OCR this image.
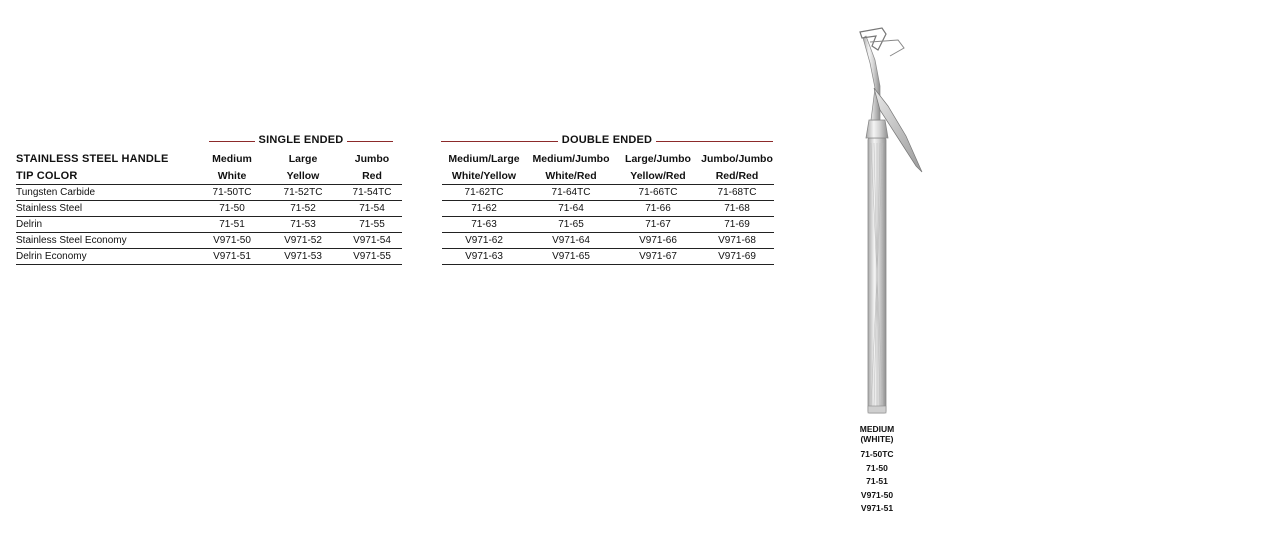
SINGLE ENDED	DOUBLE ENDED
STAINLESS STEEL HANDLE	Medium	Large	Jumbo		Medium/Large	Medium/Jumbo	Large/Jumbo	Jumbo/Jumbo
TIP COLOR	White	Yellow	Red		White/Yellow	White/Red	Yellow/Red	Red/Red
Tungsten Carbide	71-50TC	71-52TC	71-54TC		71-62TC	71-64TC	71-66TC	71-68TC
Stainless Steel	71-50	71-52	71-54		71-62	71-64	71-66	71-68
Delrin	71-51	71-53	71-55		71-63	71-65	71-67	71-69
Stainless Steel Economy	V971-50	V971-52	V971-54		V971-62	V971-64	V971-66	V971-68
Delrin Economy	V971-51	V971-53	V971-55		V971-63	V971-65	V971-67	V971-69
MEDIUM
(WHITE)
71-50TC
71-50
71-51
V971-50
V971-51
